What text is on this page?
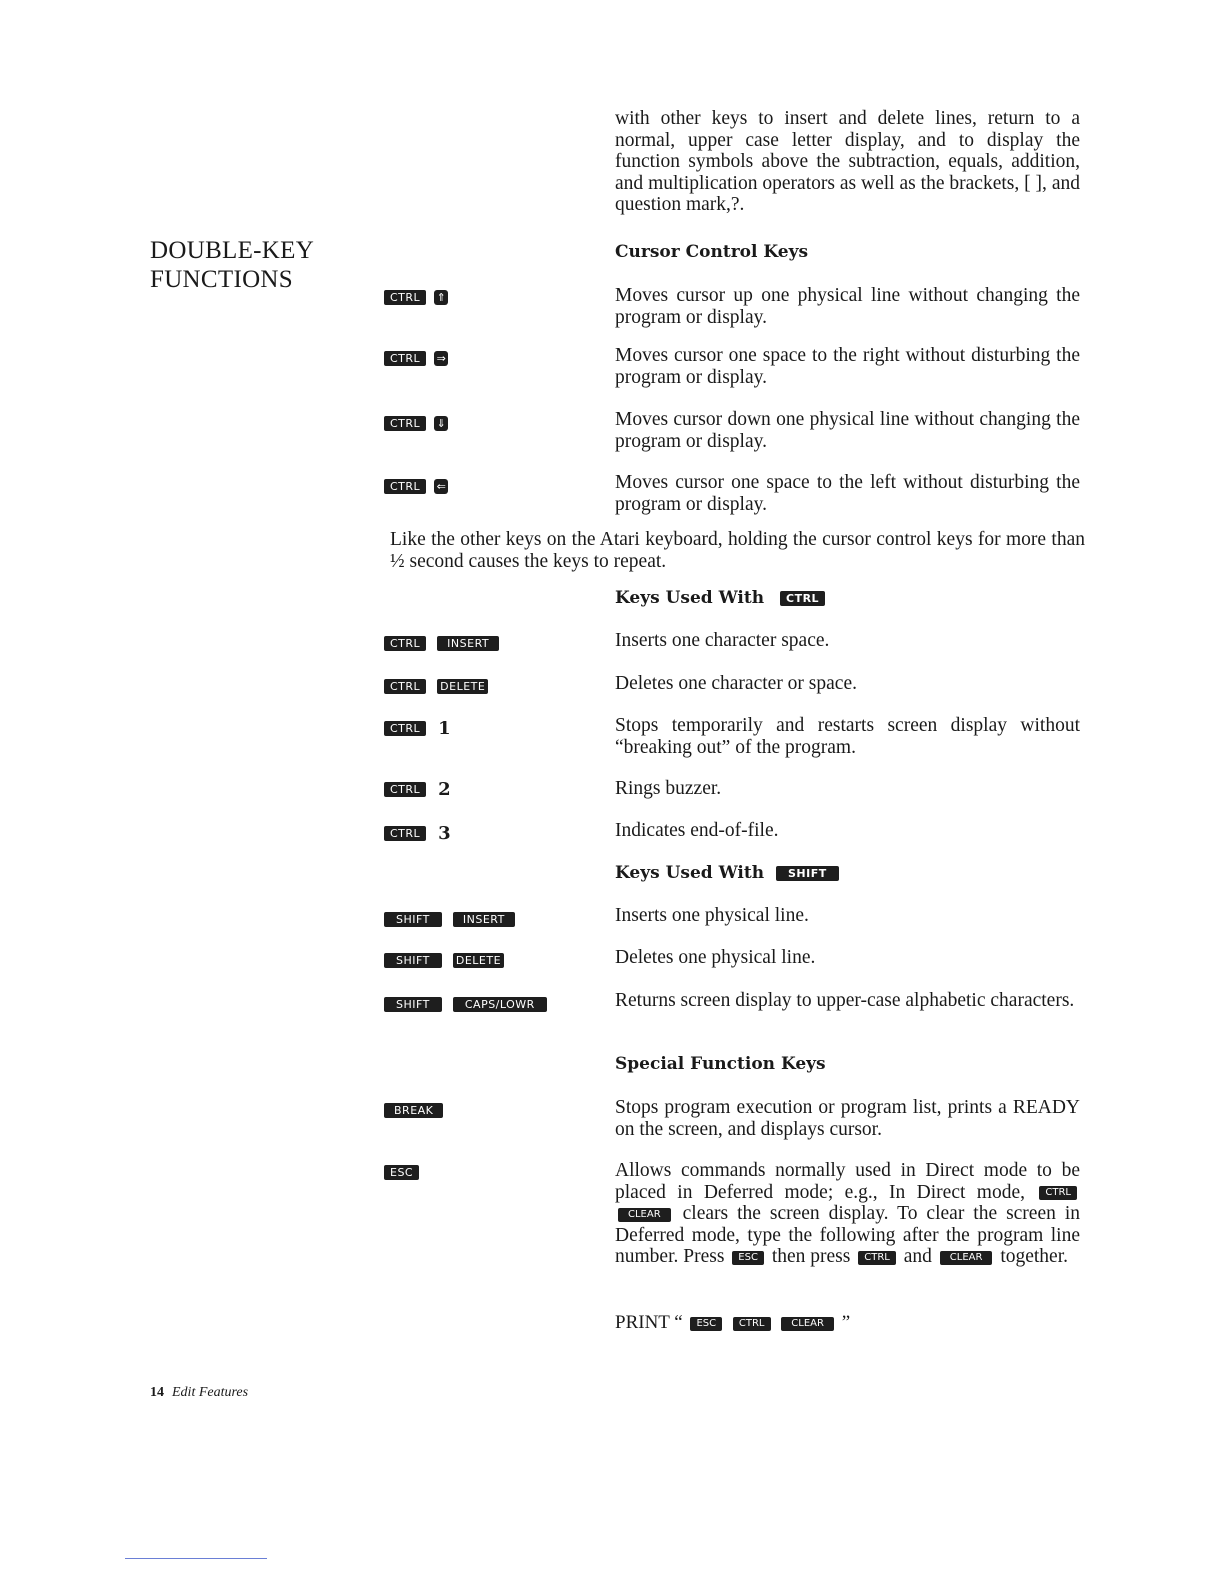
with other keys to insert and delete lines, return to a normal, upper case letter display, and to display the function symbols above the subtraction, equals, addition, and multiplication operators as well as the brackets, [ ], and question mark,?.
DOUBLE-KEY FUNCTIONS
Cursor Control Keys
CTRL ⇑	Moves cursor up one physical line without changing the program or display.
CTRL ⇒	Moves cursor one space to the right without disturbing the program or display.
CTRL ⇓	Moves cursor down one physical line without changing the program or display.
CTRL ⇐	Moves cursor one space to the left without disturbing the program or display.
Like the other keys on the Atari keyboard, holding the cursor control keys for more than ½ second causes the keys to repeat.
Keys Used With CTRL
CTRL INSERT	Inserts one character space.
CTRL DELETE	Deletes one character or space.
CTRL 1	Stops temporarily and restarts screen display without “breaking out” of the program.
CTRL 2	Rings buzzer.
CTRL 3	Indicates end-of-file.
Keys Used With SHIFT
SHIFT	INSERT	Inserts one physical line.
SHIFT DELETE	Deletes one physical line.
SHIFT	CAPS/LOWR	Returns screen display to upper-case alphabetic characters.
Special Function Keys
BREAK	Stops program execution or program list, prints a READY on the screen, and displays cursor.
ESC	Allows commands normally used in Direct mode to be placed in Deferred mode; e.g., In Direct mode, CTRL CLEAR clears the screen display. To clear the screen in Deferred mode, type the following after the program line number. Press ESC then press CTRL and CLEAR together.
PRINT “ ESC CTRL	CLEAR ”
14 Edit Features
